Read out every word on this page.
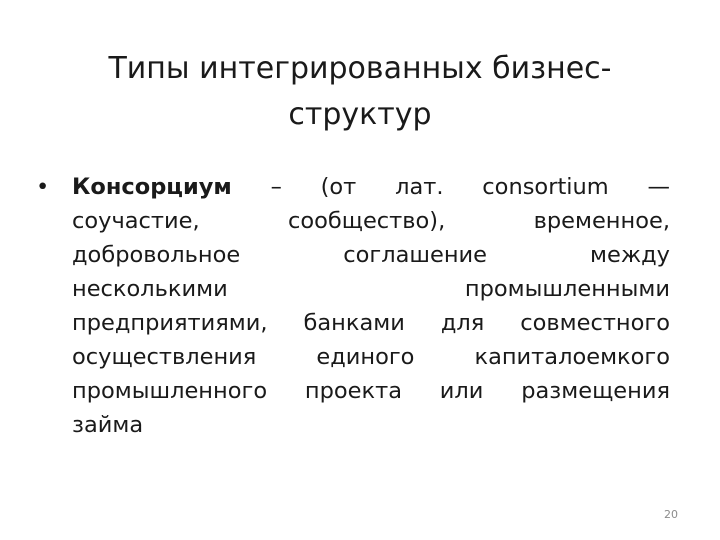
Типы интегрированных бизнес-
структур
• Консорциум – (от лат. consortium —
соучастие, сообщество), временное,
добровольное соглашение между
несколькими промышленными
предприятиями, банками для совместного
осуществления единого капиталоемкого
промышленного проекта или размещения
займа
20
